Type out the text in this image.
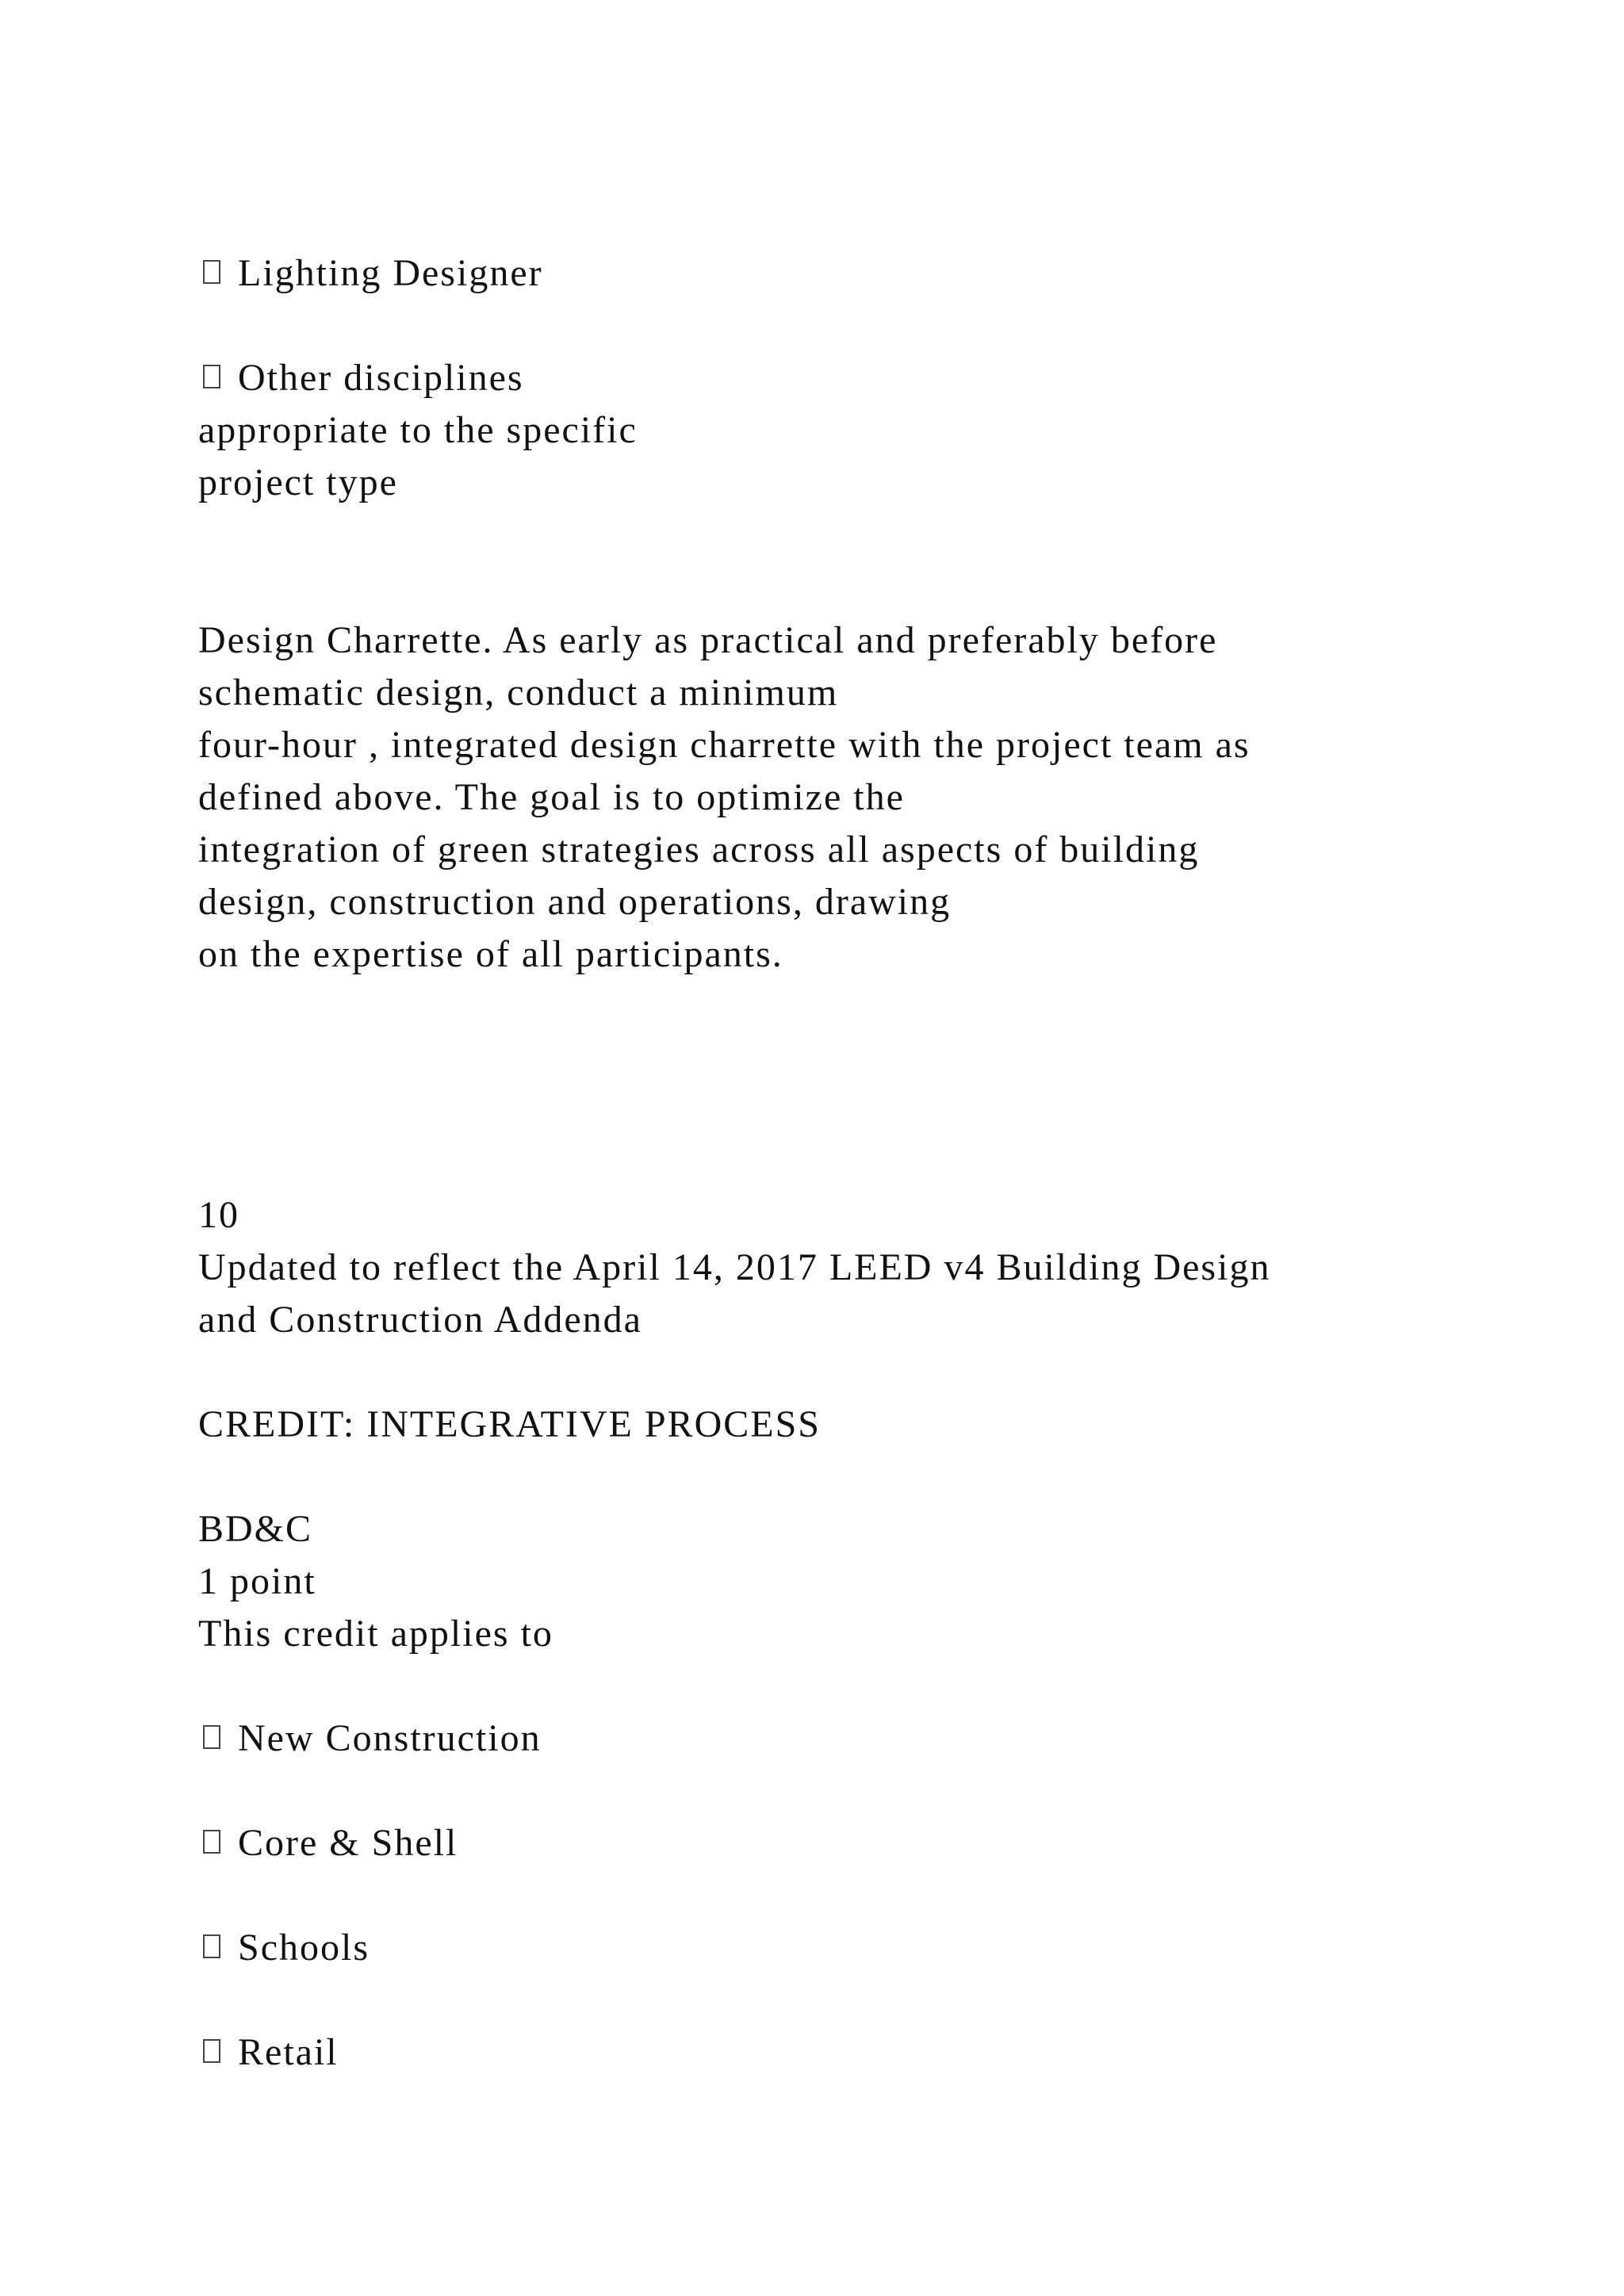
Lighting Designer
Other disciplines
appropriate to the specific
project type
Design Charrette. As early as practical and preferably before
schematic design, conduct a minimum
four-hour , integrated design charrette with the project team as
defined above. The goal is to optimize the
integration of green strategies across all aspects of building
design, construction and operations, drawing
on the expertise of all participants.
10
Updated to reflect the April 14, 2017 LEED v4 Building Design
and Construction Addenda
CREDIT: INTEGRATIVE PROCESS
BD&C
1 point
This credit applies to
New Construction
Core & Shell
Schools
Retail
